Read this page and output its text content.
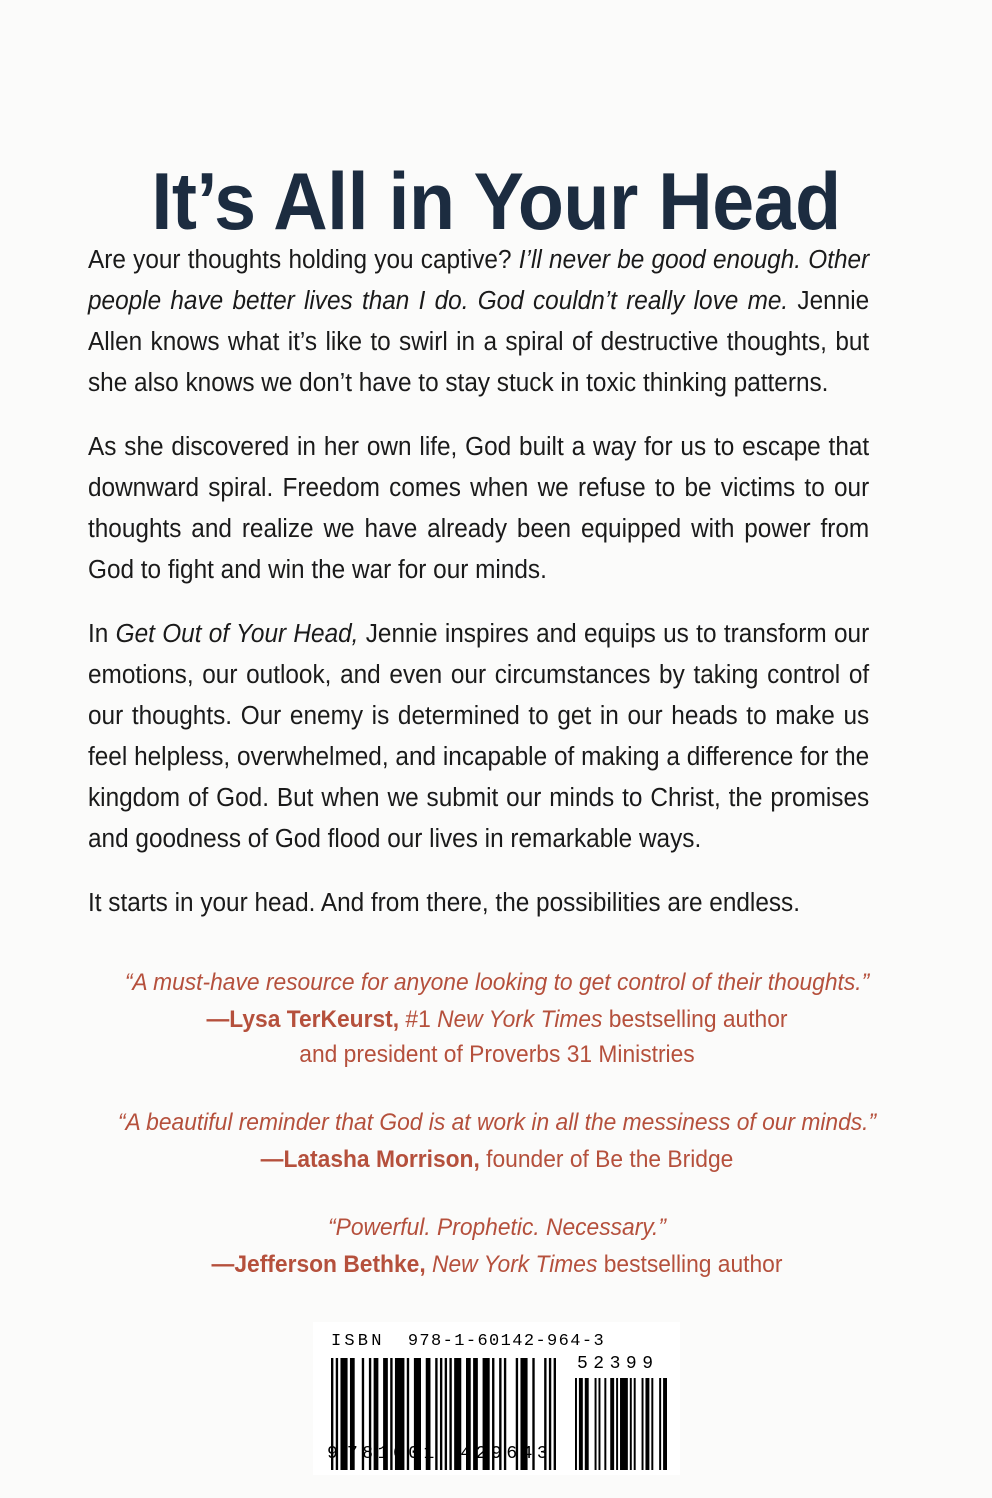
It’s All in Your Head

Are your thoughts holding you captive? I’ll never be good enough. Other people have better lives than I do. God couldn’t really love me. Jennie Allen knows what it’s like to swirl in a spiral of destructive thoughts, but she also knows we don’t have to stay stuck in toxic thinking patterns.

As she discovered in her own life, God built a way for us to escape that downward spiral. Freedom comes when we refuse to be victims to our thoughts and realize we have already been equipped with power from God to fight and win the war for our minds.

In Get Out of Your Head, Jennie inspires and equips us to transform our emotions, our outlook, and even our circumstances by taking control of our thoughts. Our enemy is determined to get in our heads to make us feel helpless, overwhelmed, and incapable of making a difference for the kingdom of God. But when we submit our minds to Christ, the promises and goodness of God flood our lives in remarkable ways.

It starts in your head. And from there, the possibilities are endless.

“A must-have resource for anyone looking to get control of their thoughts.”

—Lysa TerKeurst, #1 New York Times bestselling author

and president of Proverbs 31 Ministries

“A beautiful reminder that God is at work in all the messiness of our minds.”

—Latasha Morrison, founder of Be the Bridge

“Powerful. Prophetic. Necessary.”

—Jefferson Bethke, New York Times bestselling author

ISBN 978-1-60142-964-3
9 781601 429643
52399
